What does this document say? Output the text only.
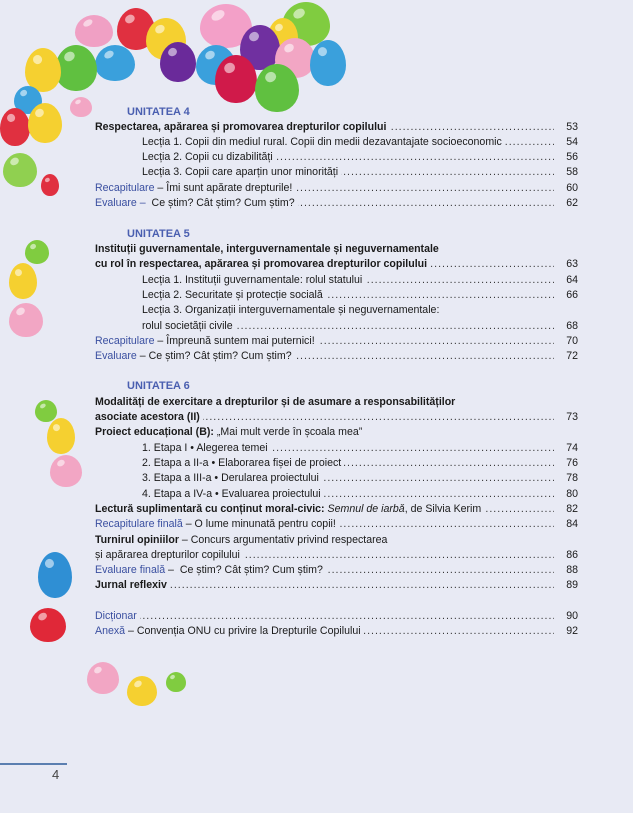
UNITATEA 4
Respectarea, apărarea și promovarea drepturilor copilului .....	53
Lecția 1. Copii din mediul rural. Copii din medii dezavantajate socioeconomic .....	54
Lecția 2. Copii cu dizabilități .....	56
Lecția 3. Copii care aparțin unor minorități .....	58
Recapitulare – Îmi sunt apărate drepturile! .....	60
Evaluare –  Ce știm? Cât știm? Cum știm? .....	62
UNITATEA 5
Instituții guvernamentale, interguvernamentale și neguvernamentale
cu rol în respectarea, apărarea și promovarea drepturilor copilului .....	63
Lecția 1. Instituții guvernamentale: rolul statului .....	64
Lecția 2. Securitate și protecție socială .....	66
Lecția 3. Organizații interguvernamentale și neguvernamentale:
rolul societății civile .....	68
Recapitulare – Împreună suntem mai puternici! .....	70
Evaluare – Ce știm? Cât știm? Cum știm? .....	72
UNITATEA 6
Modalități de exercitare a drepturilor și de asumare a responsabilităților
asociate acestora (II) .....	73
Proiect educațional (B): „Mai mult verde în școala mea”
1. Etapa I • Alegerea temei .....	74
2. Etapa a II-a • Elaborarea fișei de proiect .....	76
3. Etapa a III-a • Derularea proiectului .....	78
4. Etapa a IV-a • Evaluarea proiectului .....	80
Lectură suplimentară cu conținut moral-civic: Semnul de iarbă, de Silvia Kerim .....	82
Recapitulare finală – O lume minunată pentru copii! .....	84
Turnirul opiniilor – Concurs argumentativ privind respectarea
și apărarea drepturilor copilului .....	86
Evaluare finală –  Ce știm? Cât știm? Cum știm? .....	88
Jurnal reflexiv .....	89
Dicționar .....	90
Anexă – Convenția ONU cu privire la Drepturile Copilului .....	92
4
